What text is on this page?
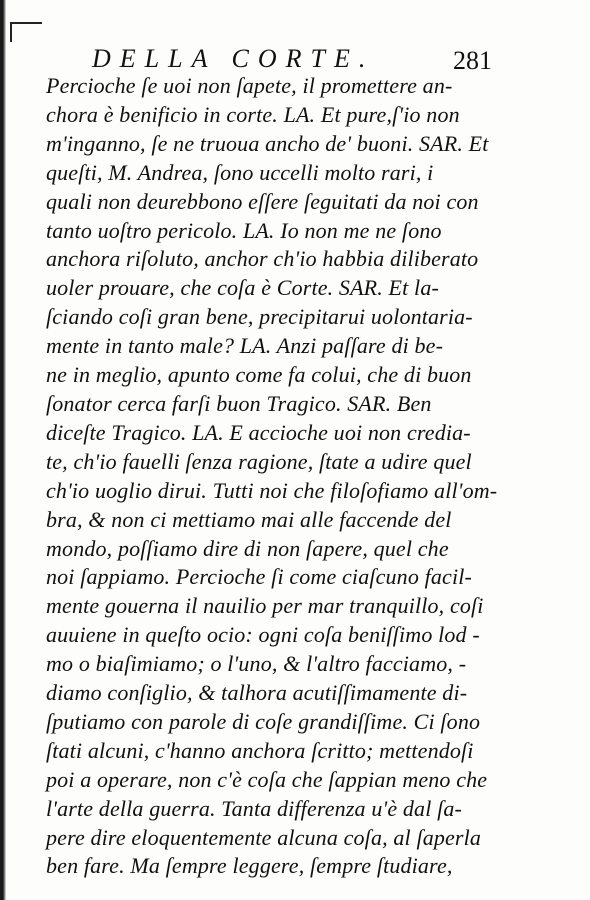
DELLA CORTE.	281
Perciochе ſe uoi non ſapete, il promettere an-
chora è benificio in corte. LA. Et pure,ſ'io non
m'inganno, ſe ne truoua ancho de' buoni. SAR. Et
queſti, M. Andrea, ſono uccelli molto rari, i
quali non deurebbono eſſere ſeguitati da noi con
tanto uoſtro pericolo. LA. Io non me ne ſono
anchora riſoluto, anchor ch'io habbia diliberato
uoler prouare, che coſa è Corte. SAR. Et la-
ſciando coſi gran bene, precipitarui uolontaria-
mente in tanto male? LA. Anzi paſſare di be-
ne in meglio, apunto come fa colui, che di buon
ſonator cerca farſi buon Tragico. SAR. Ben
diceſte Tragico. LA. E accioche uoi non credia-
te, ch'io fauelli ſenza ragione, ſtate a udire quel
ch'io uoglio dirui. Tutti noi che filoſofiamo all'om-
bra, & non ci mettiamo mai alle faccende del
mondo, poſſiamo dire di non ſapere, quel che
noi ſappiamo. Perciochе ſi come ciaſcuno facil-
mente gouerna il nauilio per mar tranquillo, coſi
auuiene in queſto ocio: ogni coſa beniſſimo lod -
mo o biaſimiamo; o l'uno, & l'altro facciamo, -
diamo conſiglio, & talhora acutiſſimamente di-
ſputiamo con parole di coſe grandiſſime. Ci ſono
ſtati alcuni, c'hanno anchora ſcritto; mettendoſi
poi a operare, non c'è coſa che ſappian meno che
l'arte della guerra. Tanta differenza u'è dal ſa-
pere dire eloquentemente alcuna coſa, al ſaperla
ben fare. Ma ſempre leggere, ſempre ſtudiare,
